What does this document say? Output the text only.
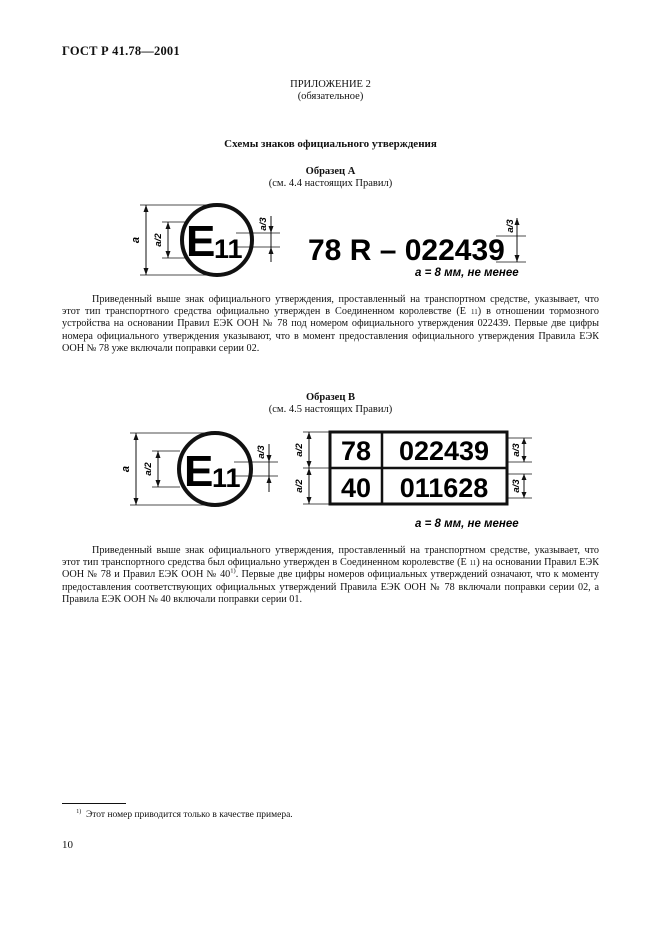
ГОСТ Р 41.78—2001
ПРИЛОЖЕНИЕ 2
(обязательное)
Схемы знаков официального утверждения
Образец А
(см. 4.4 настоящих Правил)
a a/2 E
11
a/3
78 R – 022439
a/3
a = 8 мм, не менее
Приведенный выше знак официального утверждения, проставленный на транспортном средстве, указывает, что этот тип транспортного средства официально утвержден в Соединенном королевстве (Е 11) в отношении тормозного устройства на основании Правил ЕЭК ООН № 78 под номером официального утверждения 022439. Первые две цифры номера официального утверждения указывают, что в момент предоставления официального утверждения Правила ЕЭК ООН № 78 уже включали поправки серии 02.
Образец В
(см. 4.5 настоящих Правил)
a a/2 E
11
a/3	a/2
a/2
78 022439
40 011628
a/3
a/3
a = 8 мм, не менее
Приведенный выше знак официального утверждения, проставленный на транспортном средстве, указывает, что этот тип транспортного средства был официально утвержден в Соединенном королевстве (Е 11) на основании Правил ЕЭК ООН № 78 и Правил ЕЭК ООН № 40$^{1)}$. Первые две цифры номеров официальных утверждений означают, что к моменту предоставления соответствующих официальных утверждений Правила ЕЭК ООН № 78 включали поправки серии 02, а Правила ЕЭК ООН № 40 включали поправки серии 01.
$^{1)}$ Этот номер приводится только в качестве примера.
10
